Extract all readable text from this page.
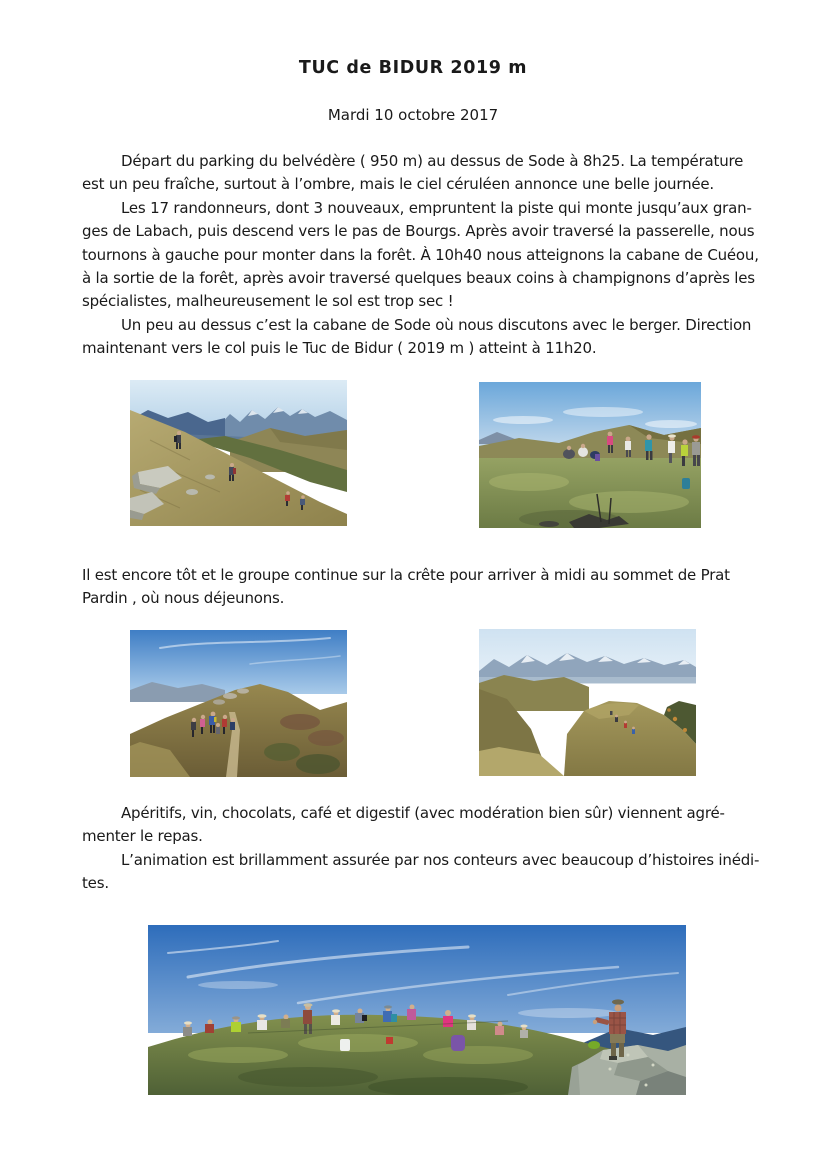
TUC de BIDUR 2019 m
Mardi 10 octobre 2017
Départ du parking du belvédère ( 950 m) au dessus de Sode à 8h25. La température
est un peu fraîche, surtout à l’ombre, mais le ciel céruléen annonce une belle journée.
Les 17 randonneurs, dont 3 nouveaux, empruntent la piste qui monte jusqu’aux gran-
ges de Labach, puis descend vers le pas de Bourgs. Après avoir traversé la passerelle, nous
tournons à gauche pour monter dans la forêt. À 10h40 nous atteignons la cabane de Cuéou,
à la sortie de la forêt, après avoir traversé quelques beaux coins à champignons d’après les
spécialistes, malheureusement le sol est trop sec !
Un peu au dessus c’est la cabane de Sode où nous discutons avec le berger. Direction
maintenant vers le col puis le Tuc de Bidur ( 2019 m ) atteint à 11h20.
Il est encore tôt et le groupe continue sur la crête pour arriver à midi au sommet de Prat
Pardin , où nous déjeunons.
Apéritifs, vin, chocolats, café et digestif (avec modération bien sûr) viennent agré-
menter le repas.
L’animation est brillamment assurée par nos conteurs avec beaucoup d’histoires inédi-
tes.
